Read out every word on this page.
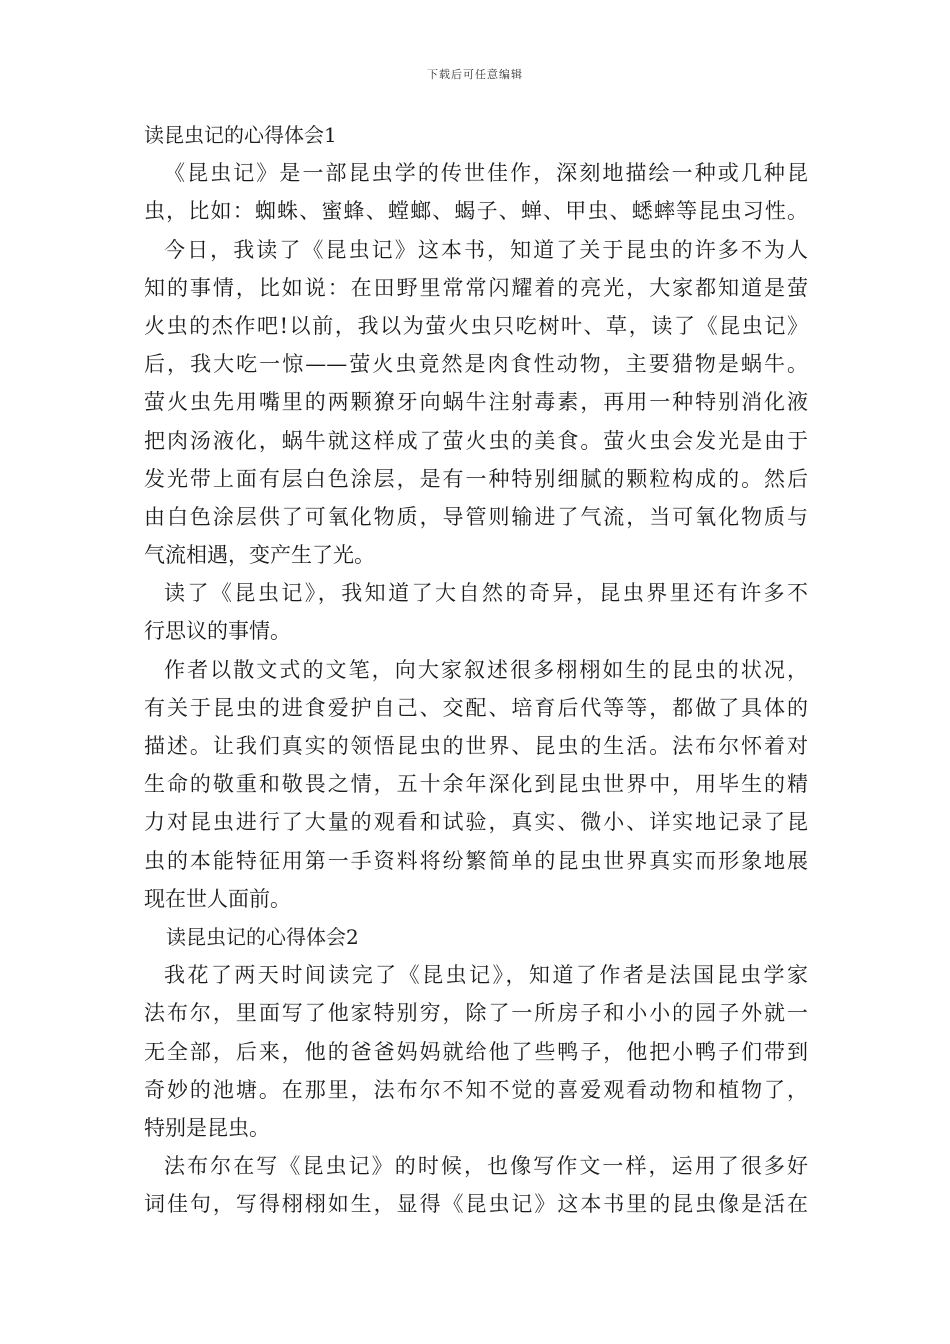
下载后可任意编辑
读昆虫记的心得体会1
《昆虫记》是一部昆虫学的传世佳作，深刻地描绘一种或几种昆
虫，比如：蜘蛛、蜜蜂、螳螂、蝎子、蝉、甲虫、蟋蟀等昆虫习性。
今日，我读了《昆虫记》这本书，知道了关于昆虫的许多不为人
知的事情，比如说：在田野里常常闪耀着的亮光，大家都知道是萤
火虫的杰作吧!以前，我以为萤火虫只吃树叶、草，读了《昆虫记》
后，我大吃一惊——萤火虫竟然是肉食性动物，主要猎物是蜗牛。
萤火虫先用嘴里的两颗獠牙向蜗牛注射毒素，再用一种特别消化液
把肉汤液化，蜗牛就这样成了萤火虫的美食。萤火虫会发光是由于
发光带上面有层白色涂层，是有一种特别细腻的颗粒构成的。然后
由白色涂层供了可氧化物质，导管则输进了气流，当可氧化物质与
气流相遇，变产生了光。
读了《昆虫记》，我知道了大自然的奇异，昆虫界里还有许多不
行思议的事情。
作者以散文式的文笔，向大家叙述很多栩栩如生的昆虫的状况，
有关于昆虫的进食爱护自己、交配、培育后代等等，都做了具体的
描述。让我们真实的领悟昆虫的世界、昆虫的生活。法布尔怀着对
生命的敬重和敬畏之情，五十余年深化到昆虫世界中，用毕生的精
力对昆虫进行了大量的观看和试验，真实、微小、详实地记录了昆
虫的本能特征用第一手资料将纷繁简单的昆虫世界真实而形象地展
现在世人面前。
读昆虫记的心得体会2
我花了两天时间读完了《昆虫记》，知道了作者是法国昆虫学家
法布尔，里面写了他家特别穷，除了一所房子和小小的园子外就一
无全部，后来，他的爸爸妈妈就给他了些鸭子，他把小鸭子们带到
奇妙的池塘。在那里，法布尔不知不觉的喜爱观看动物和植物了，
特别是昆虫。
法布尔在写《昆虫记》的时候，也像写作文一样，运用了很多好
词佳句，写得栩栩如生，显得《昆虫记》这本书里的昆虫像是活在
